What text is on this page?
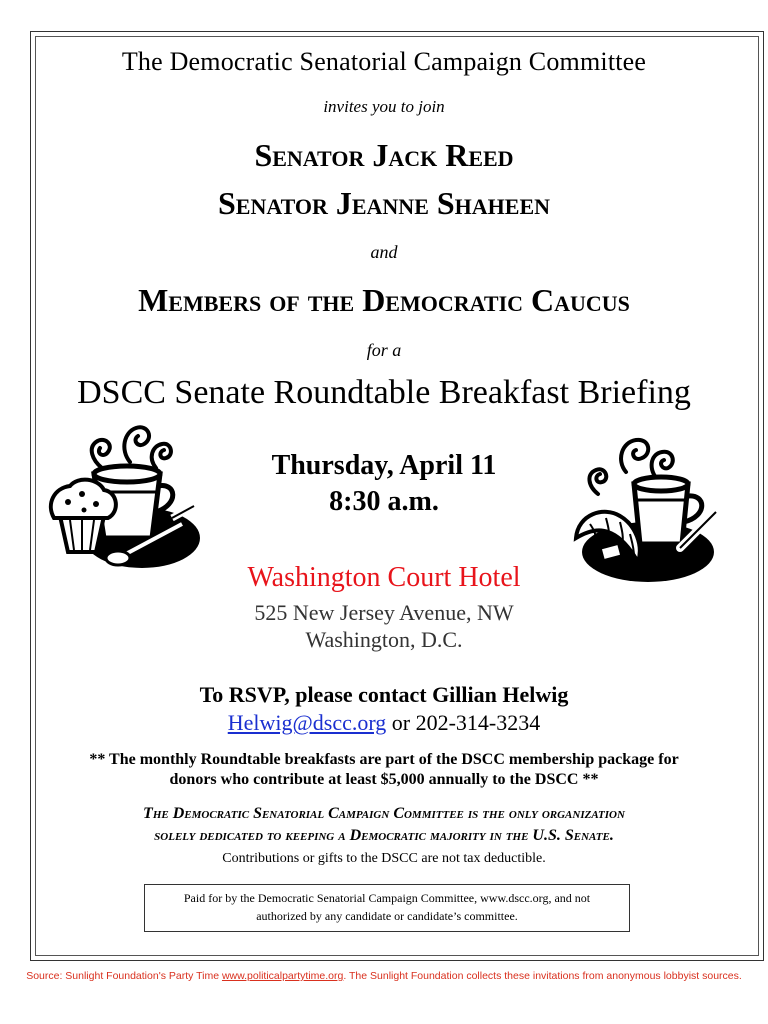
The Democratic Senatorial Campaign Committee
invites you to join
Senator Jack Reed
Senator Jeanne Shaheen
and
Members of the Democratic Caucus
for a
DSCC Senate Roundtable Breakfast Briefing
Thursday, April 11
8:30 a.m.
Washington Court Hotel
525 New Jersey Avenue, NW
Washington, D.C.
To RSVP, please contact Gillian Helwig
Helwig@dscc.org or 202-314-3234
** The monthly Roundtable breakfasts are part of the DSCC membership package for
donors who contribute at least $5,000 annually to the DSCC **
The Democratic Senatorial Campaign Committee is the only organization
solely dedicated to keeping a Democratic majority in the U.S. Senate.
Contributions or gifts to the DSCC are not tax deductible.
Paid for by the Democratic Senatorial Campaign Committee, www.dscc.org, and not
authorized by any candidate or candidate’s committee.
Source: Sunlight Foundation's Party Time www.politicalpartytime.org. The Sunlight Foundation collects these invitations from anonymous lobbyist sources.
